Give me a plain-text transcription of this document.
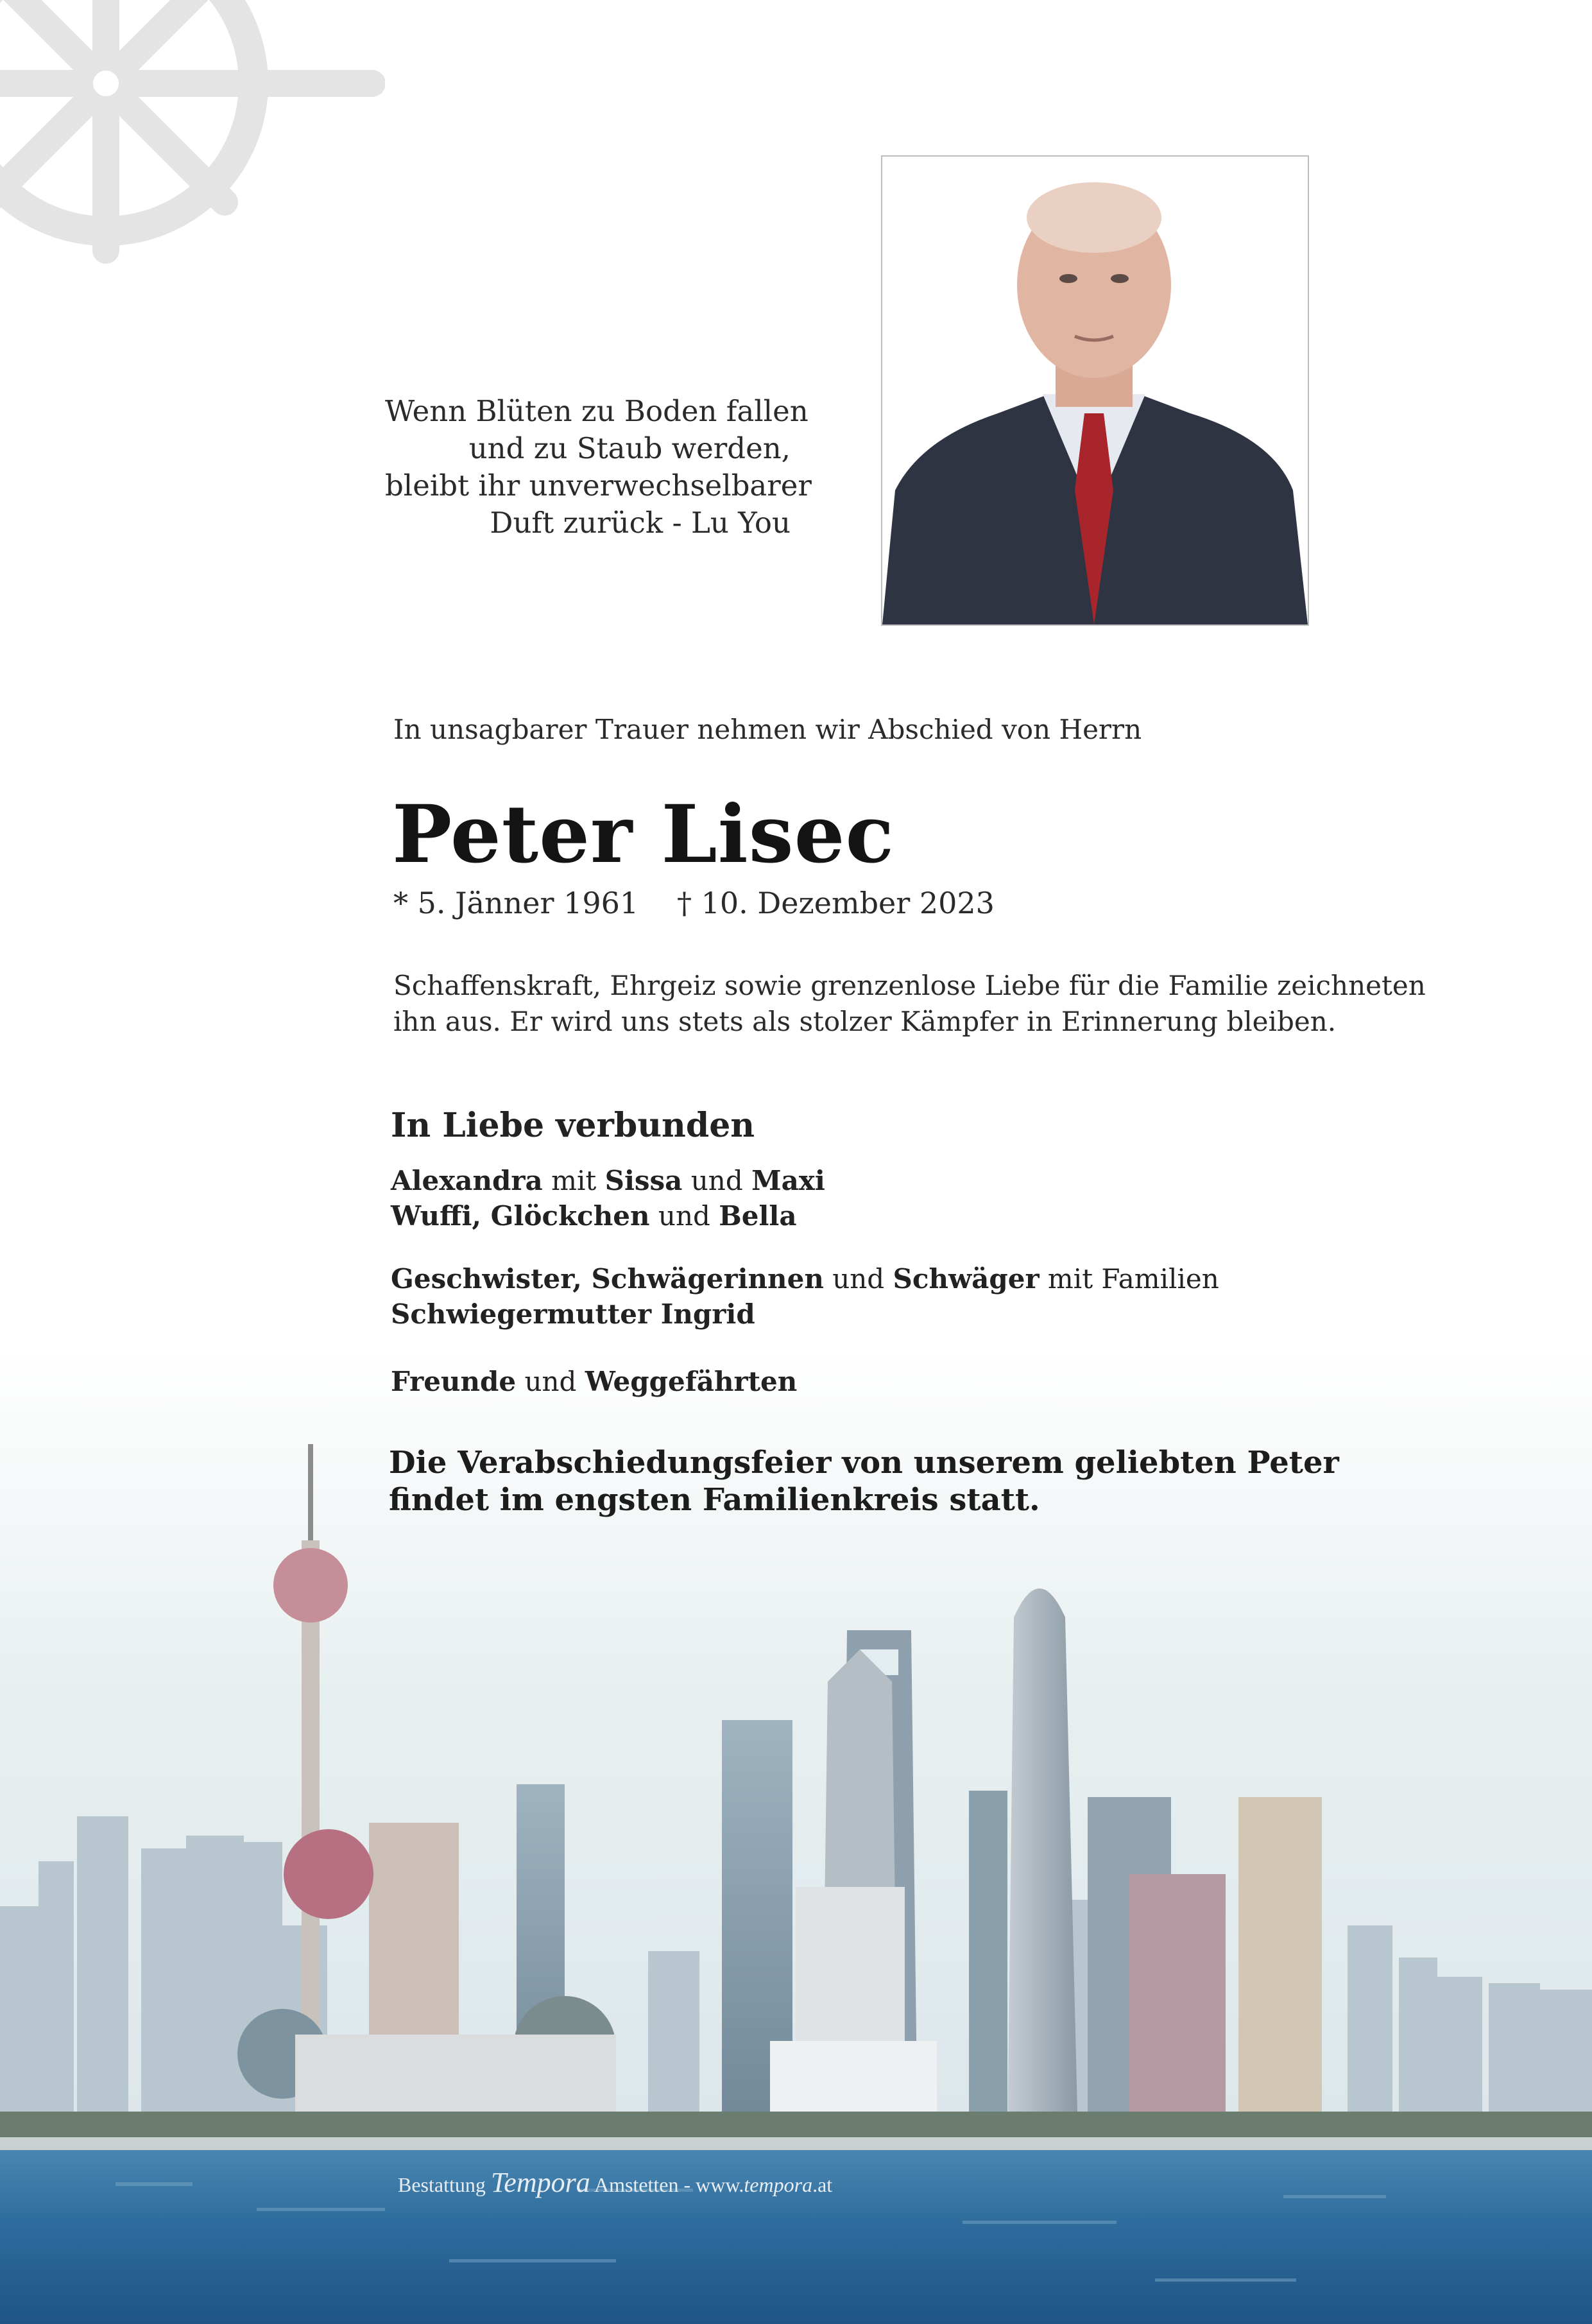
Wenn Blüten zu Boden fallen
und zu Staub werden,
bleibt ihr unverwechselbarer
Duft zurück - Lu You
In unsagbarer Trauer nehmen wir Abschied von Herrn
Peter Lisec
* 5. Jänner 1961 † 10. Dezember 2023
Schaffenskraft, Ehrgeiz sowie grenzenlose Liebe für die Familie zeichneten
ihn aus. Er wird uns stets als stolzer Kämpfer in Erinnerung bleiben.
In Liebe verbunden
Alexandra mit Sissa und Maxi
Wuffi, Glöckchen und Bella
Geschwister, Schwägerinnen und Schwäger mit Familien
Schwiegermutter Ingrid
Freunde und Weggefährten
Die Verabschiedungsfeier von unserem geliebten Peter
findet im engsten Familienkreis statt.
Bestattung Tempora Amstetten - www.tempora.at
